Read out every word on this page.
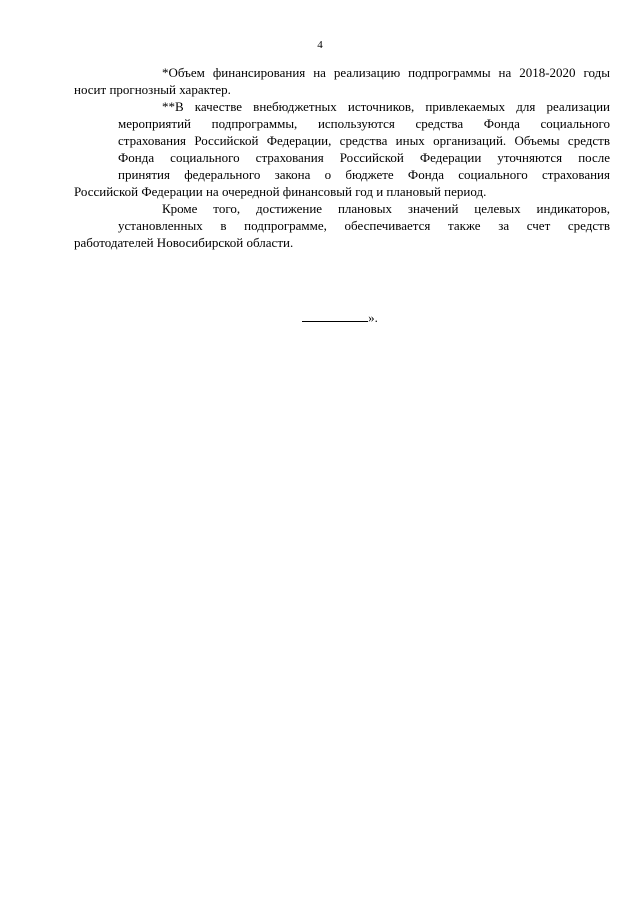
4

*Объем финансирования на реализацию подпрограммы на 2018-2020 годы
носит прогнозный характер.

**В качестве внебюджетных источников, привлекаемых для реализации
мероприятий подпрограммы, используются средства Фонда социального
страхования Российской Федерации, средства иных организаций. Объемы средств
Фонда социального страхования Российской Федерации уточняются после
принятия федерального закона о бюджете Фонда социального страхования
Российской Федерации на очередной финансовый год и плановый период.

Кроме того, достижение плановых значений целевых индикаторов,
установленных в подпрограмме, обеспечивается также за счет средств
работодателей Новосибирской области.

».
